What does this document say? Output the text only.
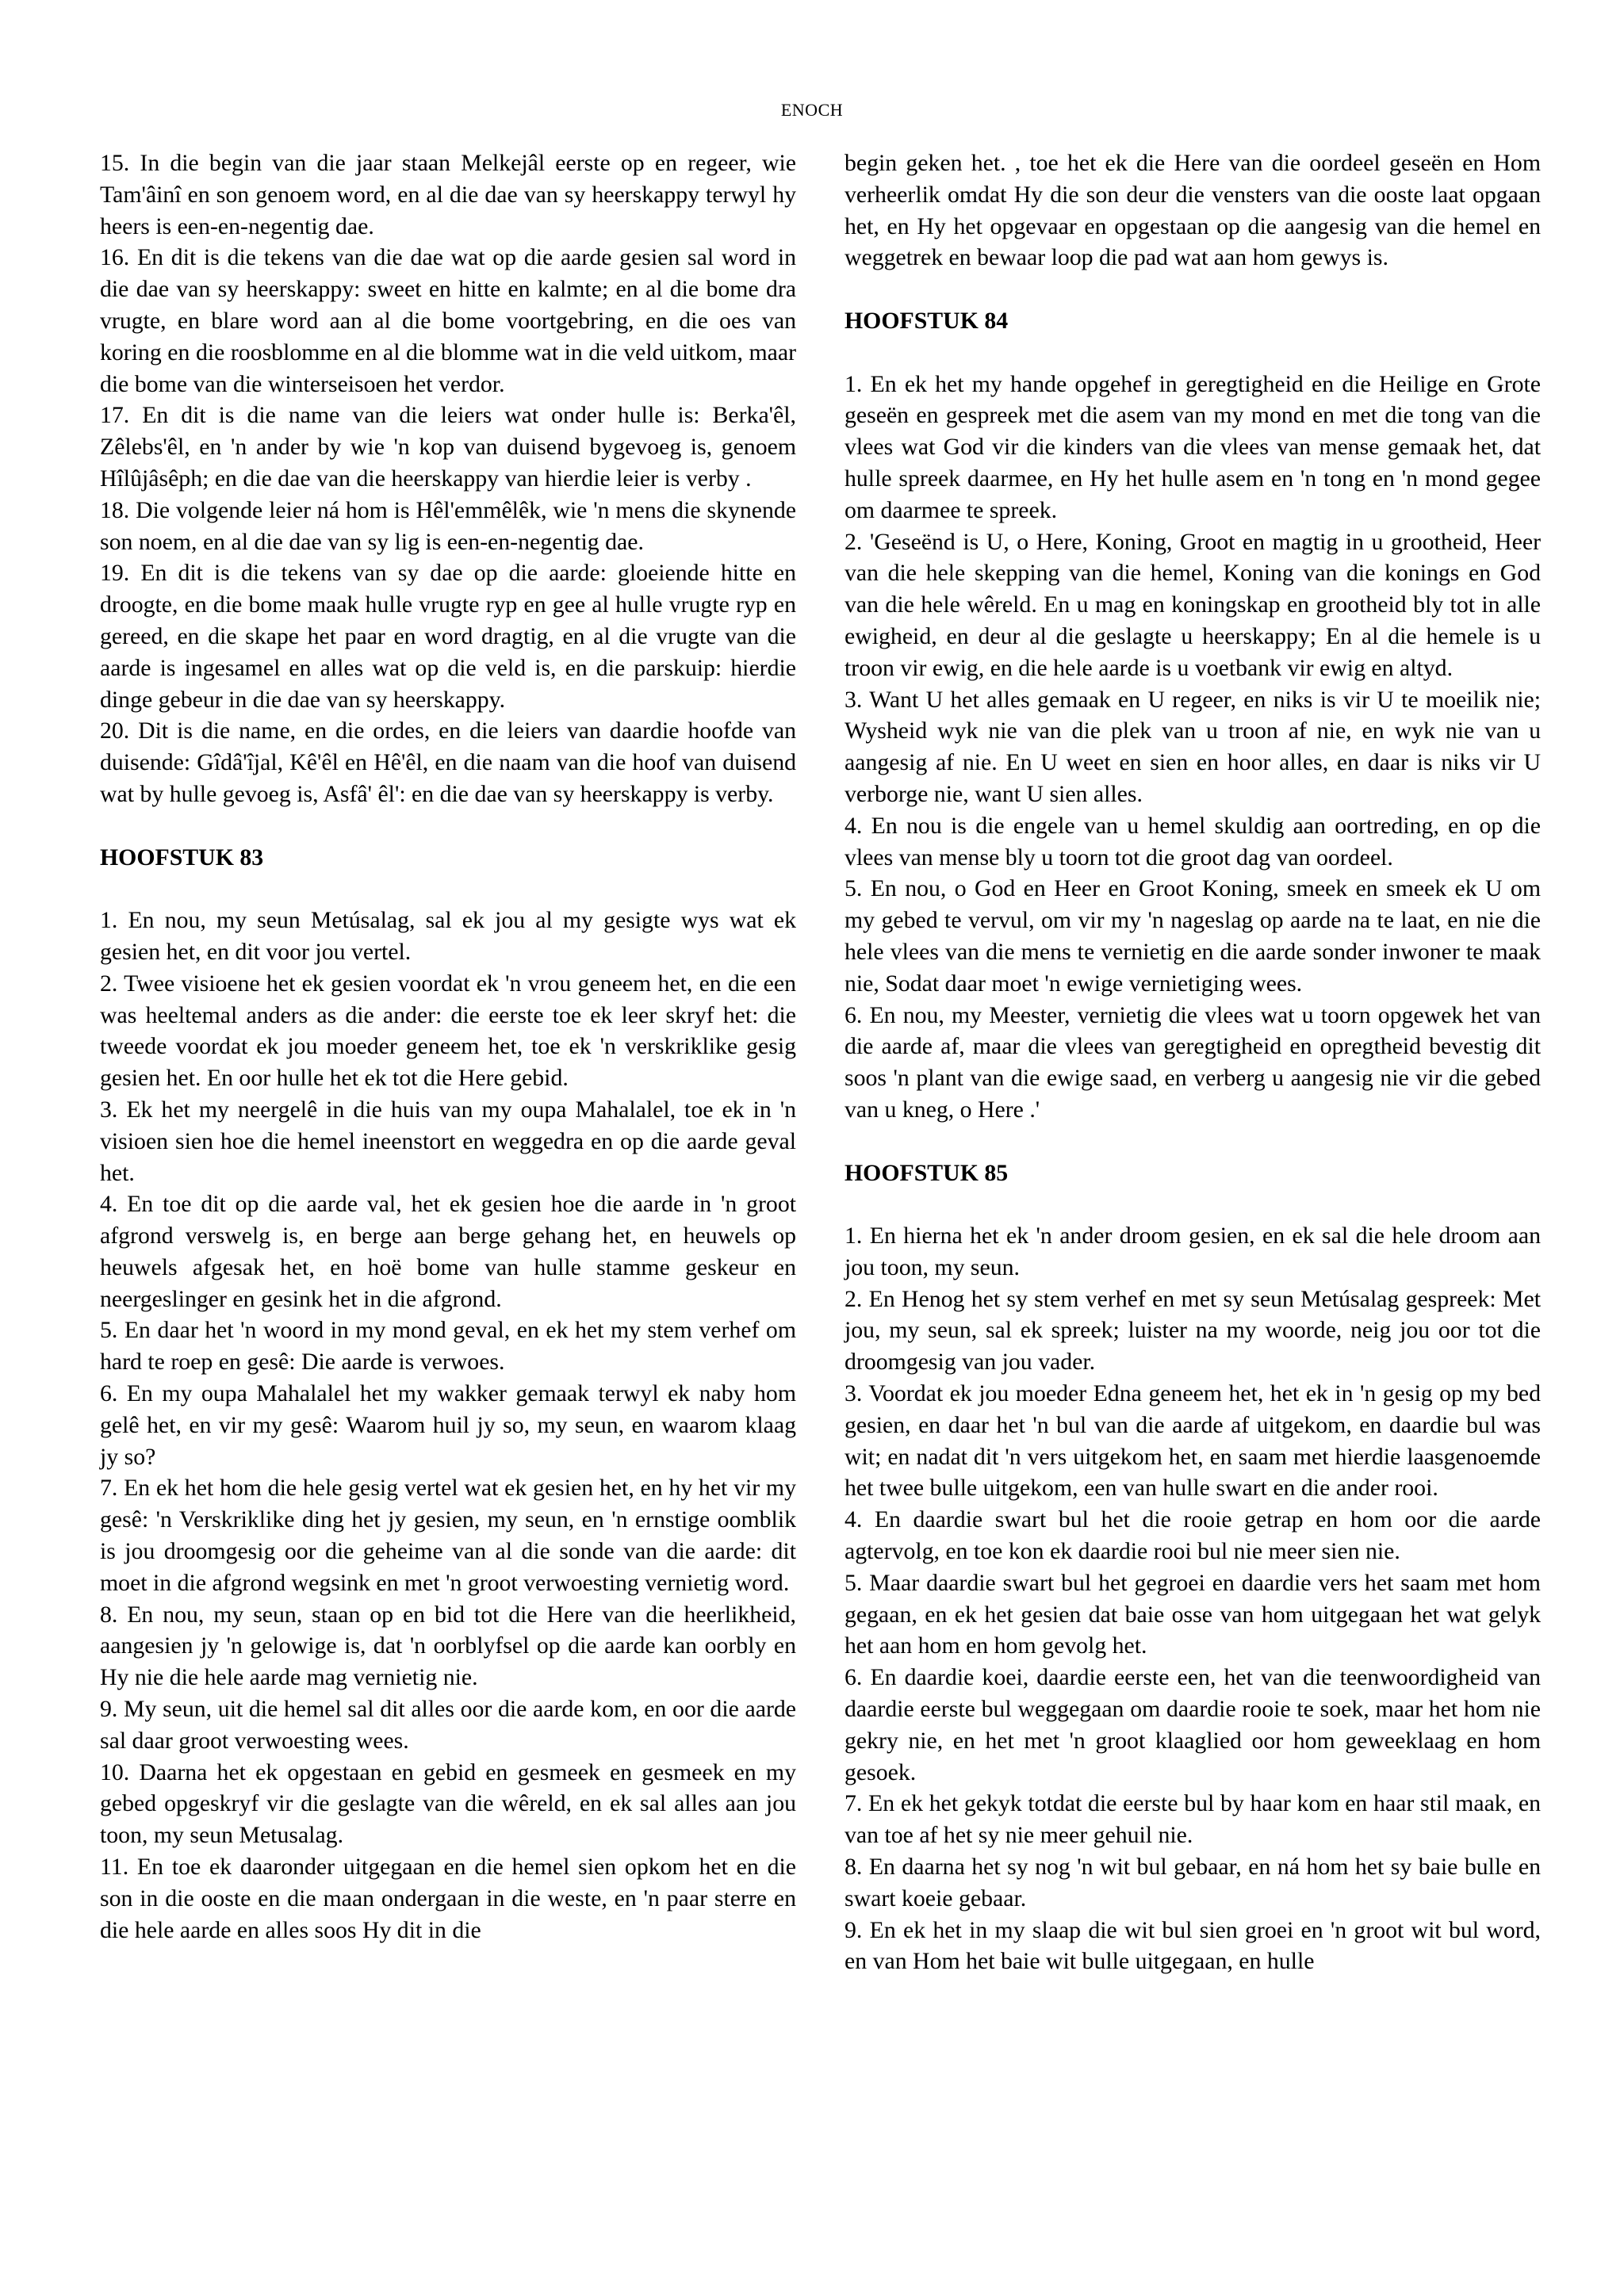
ENOCH

15. In die begin van die jaar staan Melkejâl eerste op en regeer, wie Tam'âinî en son genoem word, en al die dae van sy heerskappy terwyl hy heers is een-en-negentig dae.

16. En dit is die tekens van die dae wat op die aarde gesien sal word in die dae van sy heerskappy: sweet en hitte en kalmte; en al die bome dra vrugte, en blare word aan al die bome voortgebring, en die oes van koring en die roosblomme en al die blomme wat in die veld uitkom, maar die bome van die winterseisoen het verdor.

17. En dit is die name van die leiers wat onder hulle is: Berka'êl, Zêlebs'êl, en 'n ander by wie 'n kop van duisend bygevoeg is, genoem Hîlûjâsêph; en die dae van die heerskappy van hierdie leier is verby .

18. Die volgende leier ná hom is Hêl'emmêlêk, wie 'n mens die skynende son noem, en al die dae van sy lig is een-en-negentig dae.

19. En dit is die tekens van sy dae op die aarde: gloeiende hitte en droogte, en die bome maak hulle vrugte ryp en gee al hulle vrugte ryp en gereed, en die skape het paar en word dragtig, en al die vrugte van die aarde is ingesamel en alles wat op die veld is, en die parskuip: hierdie dinge gebeur in die dae van sy heerskappy.

20. Dit is die name, en die ordes, en die leiers van daardie hoofde van duisende: Gîdâ'îjal, Kê'êl en Hê'êl, en die naam van die hoof van duisend wat by hulle gevoeg is, Asfâ' êl': en die dae van sy heerskappy is verby.

HOOFSTUK 83

1. En nou, my seun Metúsalag, sal ek jou al my gesigte wys wat ek gesien het, en dit voor jou vertel.

2. Twee visioene het ek gesien voordat ek 'n vrou geneem het, en die een was heeltemal anders as die ander: die eerste toe ek leer skryf het: die tweede voordat ek jou moeder geneem het, toe ek 'n verskriklike gesig gesien het. En oor hulle het ek tot die Here gebid.

3. Ek het my neergelê in die huis van my oupa Mahalalel, toe ek in 'n visioen sien hoe die hemel ineenstort en weggedra en op die aarde geval het.

4. En toe dit op die aarde val, het ek gesien hoe die aarde in 'n groot afgrond verswelg is, en berge aan berge gehang het, en heuwels op heuwels afgesak het, en hoë bome van hulle stamme geskeur en neergeslinger en gesink het in die afgrond.

5. En daar het 'n woord in my mond geval, en ek het my stem verhef om hard te roep en gesê: Die aarde is verwoes.

6. En my oupa Mahalalel het my wakker gemaak terwyl ek naby hom gelê het, en vir my gesê: Waarom huil jy so, my seun, en waarom klaag jy so?

7. En ek het hom die hele gesig vertel wat ek gesien het, en hy het vir my gesê: 'n Verskriklike ding het jy gesien, my seun, en 'n ernstige oomblik is jou droomgesig oor die geheime van al die sonde van die aarde: dit moet in die afgrond wegsink en met 'n groot verwoesting vernietig word.

8. En nou, my seun, staan op en bid tot die Here van die heerlikheid, aangesien jy 'n gelowige is, dat 'n oorblyfsel op die aarde kan oorbly en Hy nie die hele aarde mag vernietig nie.

9. My seun, uit die hemel sal dit alles oor die aarde kom, en oor die aarde sal daar groot verwoesting wees.

10. Daarna het ek opgestaan en gebid en gesmeek en gesmeek en my gebed opgeskryf vir die geslagte van die wêreld, en ek sal alles aan jou toon, my seun Metusalag.

11. En toe ek daaronder uitgegaan en die hemel sien opkom het en die son in die ooste en die maan ondergaan in die weste, en 'n paar sterre en die hele aarde en alles soos Hy dit in die

begin geken het. , toe het ek die Here van die oordeel geseën en Hom verheerlik omdat Hy die son deur die vensters van die ooste laat opgaan het, en Hy het opgevaar en opgestaan op die aangesig van die hemel en weggetrek en bewaar loop die pad wat aan hom gewys is.

HOOFSTUK 84

1. En ek het my hande opgehef in geregtigheid en die Heilige en Grote geseën en gespreek met die asem van my mond en met die tong van die vlees wat God vir die kinders van die vlees van mense gemaak het, dat hulle spreek daarmee, en Hy het hulle asem en 'n tong en 'n mond gegee om daarmee te spreek.

2. 'Geseënd is U, o Here, Koning, Groot en magtig in u grootheid, Heer van die hele skepping van die hemel, Koning van die konings en God van die hele wêreld. En u mag en koningskap en grootheid bly tot in alle ewigheid, en deur al die geslagte u heerskappy; En al die hemele is u troon vir ewig, en die hele aarde is u voetbank vir ewig en altyd.

3. Want U het alles gemaak en U regeer, en niks is vir U te moeilik nie; Wysheid wyk nie van die plek van u troon af nie, en wyk nie van u aangesig af nie. En U weet en sien en hoor alles, en daar is niks vir U verborge nie, want U sien alles.

4. En nou is die engele van u hemel skuldig aan oortreding, en op die vlees van mense bly u toorn tot die groot dag van oordeel.

5. En nou, o God en Heer en Groot Koning, smeek en smeek ek U om my gebed te vervul, om vir my 'n nageslag op aarde na te laat, en nie die hele vlees van die mens te vernietig en die aarde sonder inwoner te maak nie, Sodat daar moet 'n ewige vernietiging wees.

6. En nou, my Meester, vernietig die vlees wat u toorn opgewek het van die aarde af, maar die vlees van geregtigheid en opregtheid bevestig dit soos 'n plant van die ewige saad, en verberg u aangesig nie vir die gebed van u kneg, o Here .'

HOOFSTUK 85

1. En hierna het ek 'n ander droom gesien, en ek sal die hele droom aan jou toon, my seun.

2. En Henog het sy stem verhef en met sy seun Metúsalag gespreek: Met jou, my seun, sal ek spreek; luister na my woorde, neig jou oor tot die droomgesig van jou vader.

3. Voordat ek jou moeder Edna geneem het, het ek in 'n gesig op my bed gesien, en daar het 'n bul van die aarde af uitgekom, en daardie bul was wit; en nadat dit 'n vers uitgekom het, en saam met hierdie laasgenoemde het twee bulle uitgekom, een van hulle swart en die ander rooi.

4. En daardie swart bul het die rooie getrap en hom oor die aarde agtervolg, en toe kon ek daardie rooi bul nie meer sien nie.

5. Maar daardie swart bul het gegroei en daardie vers het saam met hom gegaan, en ek het gesien dat baie osse van hom uitgegaan het wat gelyk het aan hom en hom gevolg het.

6. En daardie koei, daardie eerste een, het van die teenwoordigheid van daardie eerste bul weggegaan om daardie rooie te soek, maar het hom nie gekry nie, en het met 'n groot klaaglied oor hom geweeklaag en hom gesoek.

7. En ek het gekyk totdat die eerste bul by haar kom en haar stil maak, en van toe af het sy nie meer gehuil nie.

8. En daarna het sy nog 'n wit bul gebaar, en ná hom het sy baie bulle en swart koeie gebaar.

9. En ek het in my slaap die wit bul sien groei en 'n groot wit bul word, en van Hom het baie wit bulle uitgegaan, en hulle
